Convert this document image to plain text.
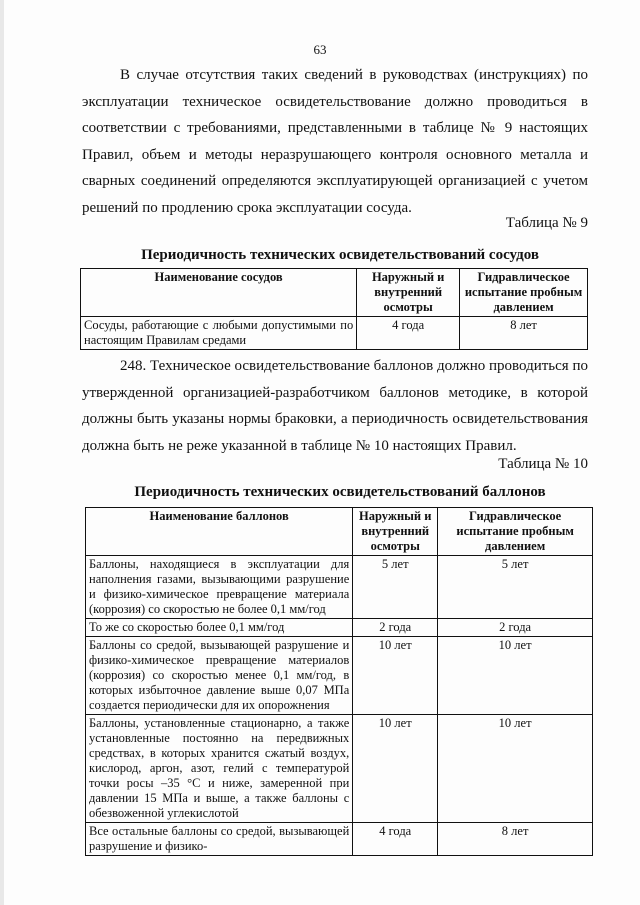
63

В случае отсутствия таких сведений в руководствах (инструкциях) по эксплуатации техническое освидетельствование должно проводиться в соответствии с требованиями, представленными в таблице № 9 настоящих Правил, объем и методы неразрушающего контроля основного металла и сварных соединений определяются эксплуатирующей организацией с учетом решений по продлению срока эксплуатации сосуда.

Таблица № 9
Периодичность технических освидетельствований сосудов
Наименование сосудов	Наружный и внутренний осмотры	Гидравлическое испытание пробным давлением
Сосуды, работающие с любыми допустимыми по настоящим Правилам средами	4 года	8 лет

248. Техническое освидетельствование баллонов должно проводиться по утвержденной организацией-разработчиком баллонов методике, в которой должны быть указаны нормы браковки, а периодичность освидетельствования должна быть не реже указанной в таблице № 10 настоящих Правил.

Таблица № 10
Периодичность технических освидетельствований баллонов
Наименование баллонов	Наружный и внутренний осмотры	Гидравлическое испытание пробным давлением
Баллоны, находящиеся в эксплуатации для наполнения газами, вызывающими разрушение и физико-химическое превращение материала (коррозия) со скоростью не более 0,1 мм/год	5 лет	5 лет
То же со скоростью более 0,1 мм/год	2 года	2 года
Баллоны со средой, вызывающей разрушение и физико-химическое превращение материалов (коррозия) со скоростью менее 0,1 мм/год, в которых избыточное давление выше 0,07 МПа создается периодически для их опорожнения	10 лет	10 лет
Баллоны, установленные стационарно, а также установленные постоянно на передвижных средствах, в которых хранится сжатый воздух, кислород, аргон, азот, гелий с температурой точки росы –35 °С и ниже, замеренной при давлении 15 МПа и выше, а также баллоны с обезвоженной углекислотой	10 лет	10 лет
Все остальные баллоны со средой, вызывающей разрушение и физико-	4 года	8 лет
